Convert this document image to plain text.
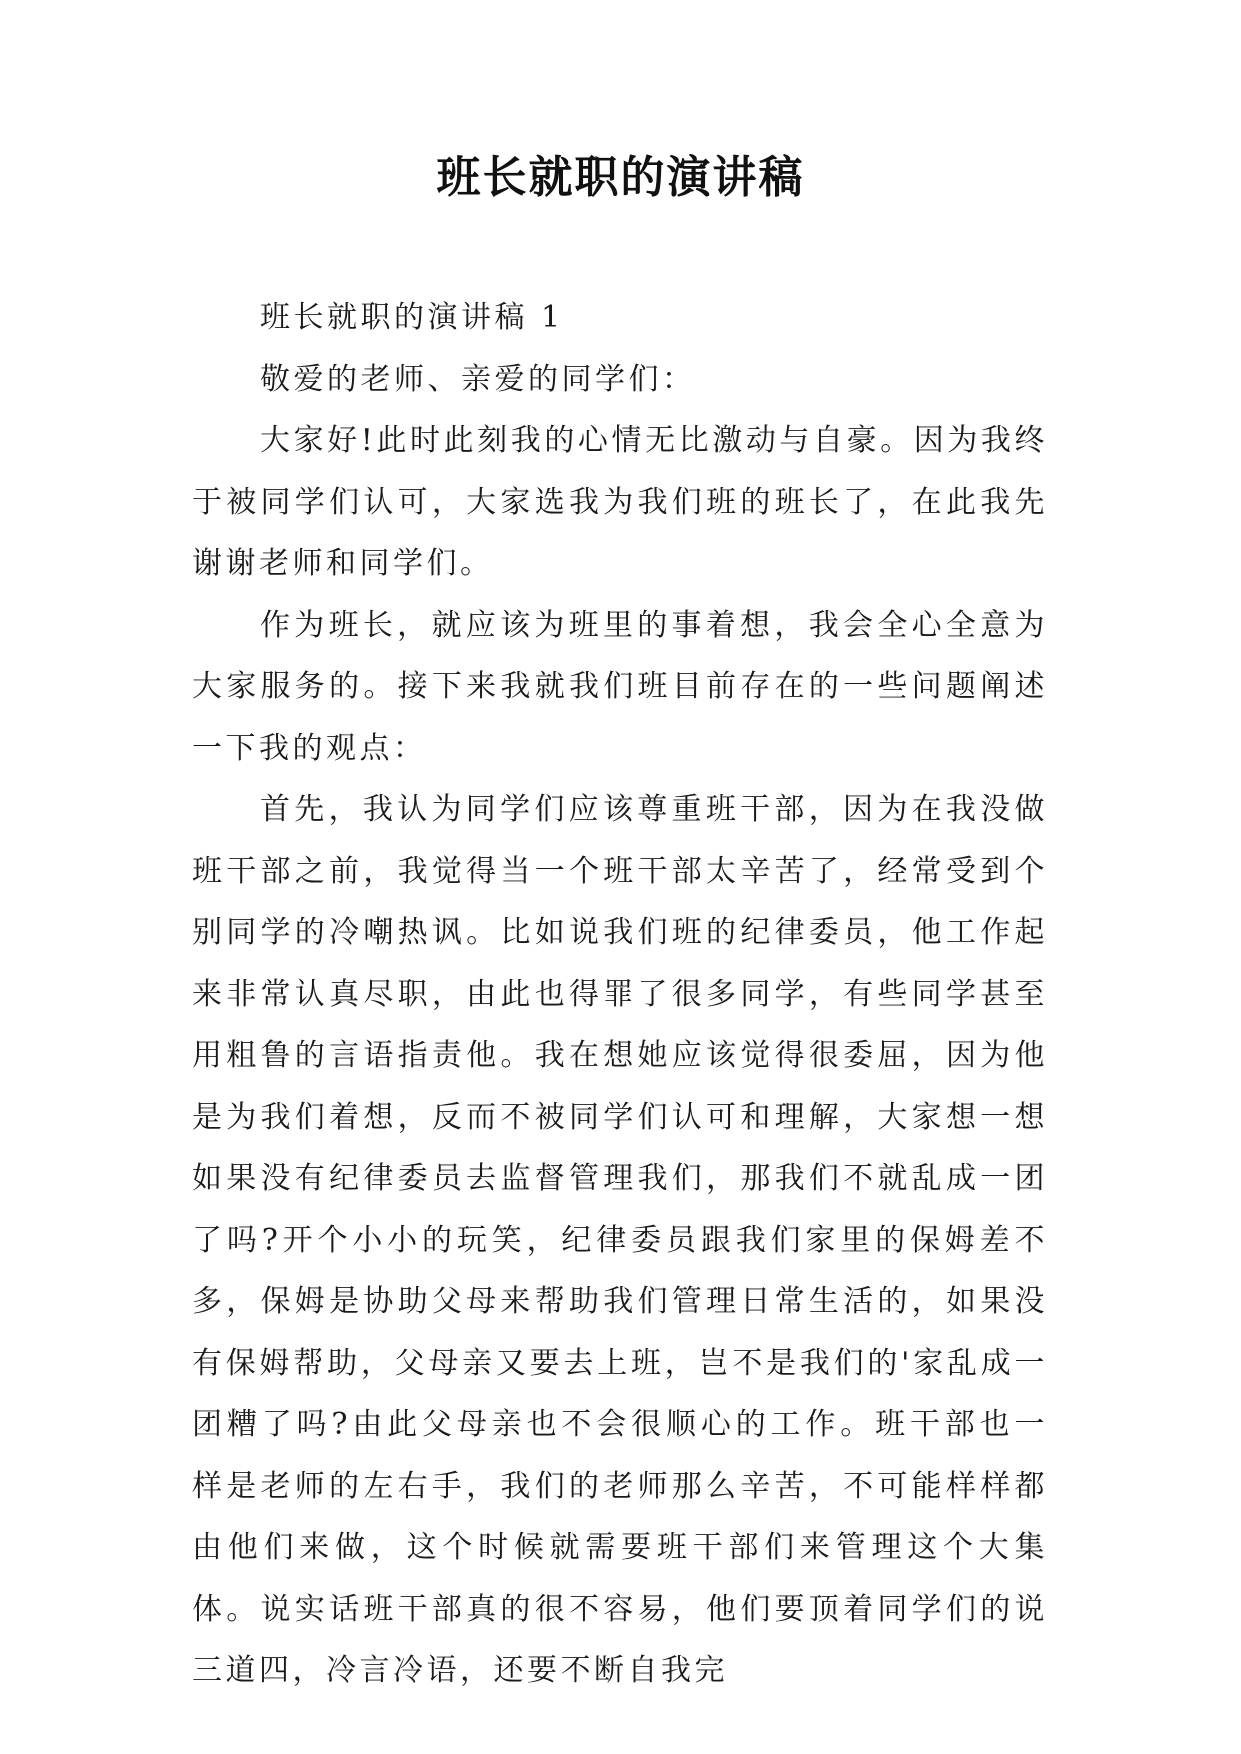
班长就职的演讲稿

班长就职的演讲稿 1

敬爱的老师、亲爱的同学们：

大家好!此时此刻我的心情无比激动与自豪。因为我终于被同学们认可，大家选我为我们班的班长了，在此我先谢谢老师和同学们。

作为班长，就应该为班里的事着想，我会全心全意为大家服务的。接下来我就我们班目前存在的一些问题阐述一下我的观点：

首先，我认为同学们应该尊重班干部，因为在我没做班干部之前，我觉得当一个班干部太辛苦了，经常受到个别同学的冷嘲热讽。比如说我们班的纪律委员，他工作起来非常认真尽职，由此也得罪了很多同学，有些同学甚至用粗鲁的言语指责他。我在想她应该觉得很委屈，因为他是为我们着想，反而不被同学们认可和理解，大家想一想如果没有纪律委员去监督管理我们，那我们不就乱成一团了吗?开个小小的玩笑，纪律委员跟我们家里的保姆差不多，保姆是协助父母来帮助我们管理日常生活的，如果没有保姆帮助，父母亲又要去上班，岂不是我们的'家乱成一团糟了吗?由此父母亲也不会很顺心的工作。班干部也一样是老师的左右手，我们的老师那么辛苦，不可能样样都由他们来做，这个时候就需要班干部们来管理这个大集体。说实话班干部真的很不容易，他们要顶着同学们的说三道四，冷言冷语，还要不断自我完
